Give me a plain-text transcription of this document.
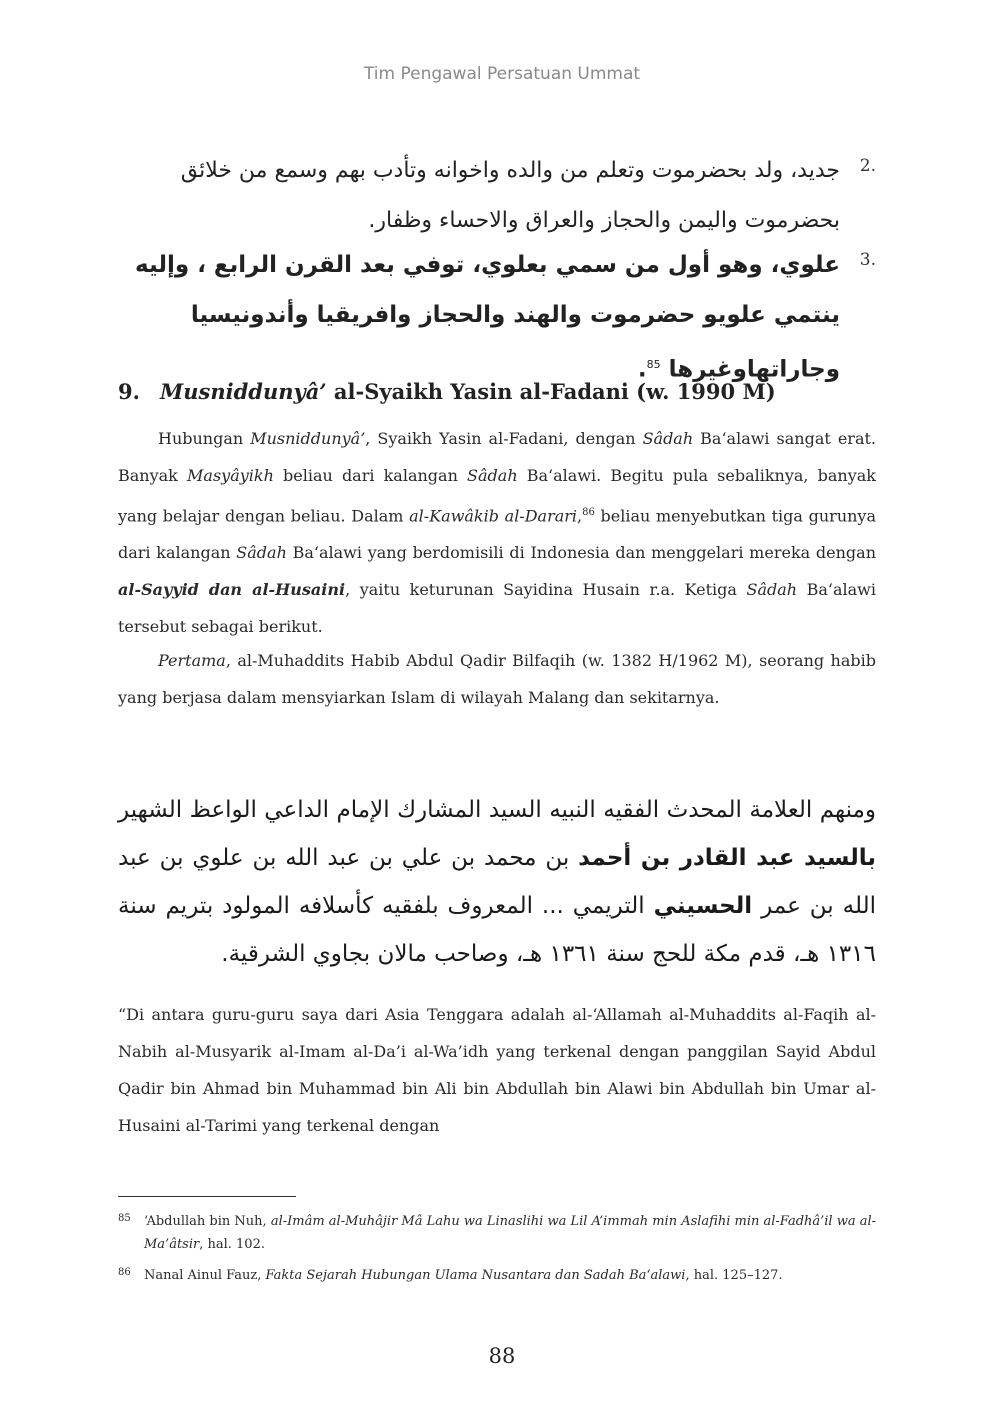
Tim Pengawal Persatuan Ummat
2.
جديد، ولد بحضرموت وتعلم من والده واخوانه وتأدب بهم وسمع من خلائق بحضرموت واليمن والحجاز والعراق والاحساء وظفار.
3.
علوي، وهو أول من سمي بعلوي، توفي بعد القرن الرابع ، وإليه ينتمي علويو حضرموت والهند والحجاز وافريقيا وأندونيسيا وجاراتهاوغيرها $^{85}$.
9. Musniddunyâ’ al-Syaikh Yasin al-Fadani (w. 1990 M)

Hubungan Musniddunyâ’, Syaikh Yasin al-Fadani, dengan Sâdah Ba‘alawi sangat erat. Banyak Masyâyikh beliau dari kalangan Sâdah Ba‘alawi. Begitu pula sebaliknya, banyak yang belajar dengan beliau. Dalam al-Kawâkib al-Darari,$^{86}$ beliau menyebutkan tiga gurunya dari kalangan Sâdah Ba‘alawi yang berdomisili di Indonesia dan menggelari mereka dengan al-Sayyid dan al-Husaini, yaitu keturunan Sayidina Husain r.a. Ketiga Sâdah Ba‘alawi tersebut sebagai berikut.

Pertama, al-Muhaddits Habib Abdul Qadir Bilfaqih (w. 1382 H/1962 M), seorang habib yang berjasa dalam mensyiarkan Islam di wilayah Malang dan sekitarnya.

ومنهم العلامة المحدث الفقيه النبيه السيد المشارك الإمام الداعي الواعظ الشهير بالسيد عبد القادر بن أحمد بن محمد بن علي بن عبد الله بن علوي بن عبد الله بن عمر الحسيني التريمي ... المعروف بلفقيه كأسلافه المولود بتريم سنة ١٣١٦ هـ، قدم مكة للحج سنة ١٣٦١ هـ، وصاحب مالان بجاوي الشرقية.

“Di antara guru-guru saya dari Asia Tenggara adalah al-‘Allamah al-Muhaddits al-Faqih al-Nabih al-Musyarik al-Imam al-Da’i al-Wa’idh yang terkenal dengan panggilan Sayid Abdul Qadir bin Ahmad bin Muhammad bin Ali bin Abdullah bin Alawi bin Abdullah bin Umar al-Husaini al-Tarimi yang terkenal dengan

85	‘Abdullah bin Nuh, al-Imâm al-Muhâjir Mâ Lahu wa Linaslihi wa Lil A’immah min Aslafihi min al-Fadhâ’il wa al-Ma’âtsir, hal. 102.
86	Nanal Ainul Fauz, Fakta Sejarah Hubungan Ulama Nusantara dan Sadah Ba‘alawi, hal. 125–127.
88
